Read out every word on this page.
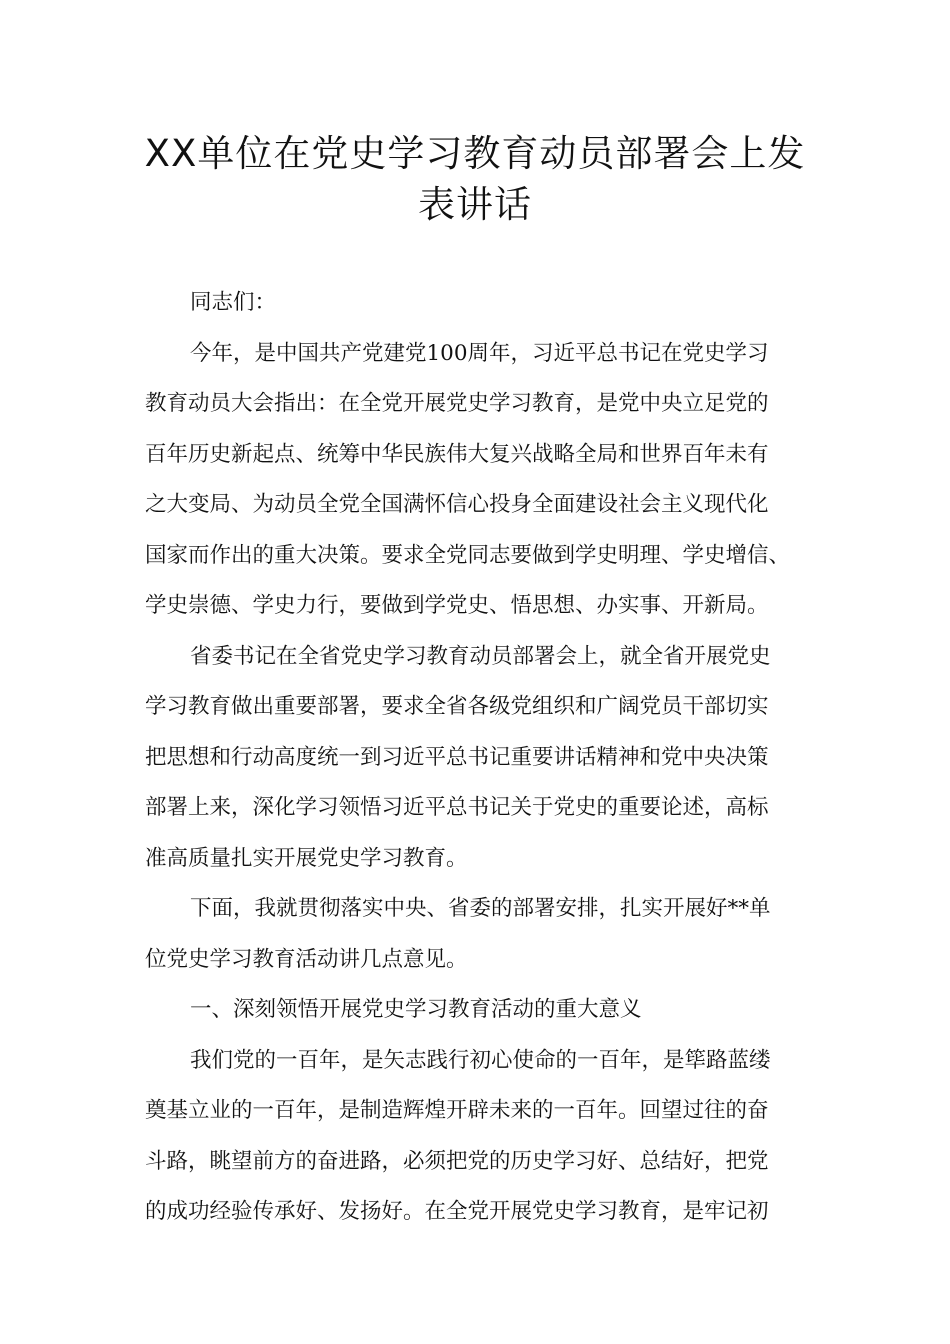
XX单位在党史学习教育动员部署会上发
表讲话

同志们：

今年，是中国共产党建党100周年，习近平总书记在党史学习
教育动员大会指出：在全党开展党史学习教育，是党中央立足党的
百年历史新起点、统筹中华民族伟大复兴战略全局和世界百年未有
之大变局、为动员全党全国满怀信心投身全面建设社会主义现代化
国家而作出的重大决策。要求全党同志要做到学史明理、学史增信、
学史崇德、学史力行，要做到学党史、悟思想、办实事、开新局。

省委书记在全省党史学习教育动员部署会上，就全省开展党史
学习教育做出重要部署，要求全省各级党组织和广阔党员干部切实
把思想和行动高度统一到习近平总书记重要讲话精神和党中央决策
部署上来，深化学习领悟习近平总书记关于党史的重要论述，高标
准高质量扎实开展党史学习教育。

下面，我就贯彻落实中央、省委的部署安排，扎实开展好**单
位党史学习教育活动讲几点意见。

一、深刻领悟开展党史学习教育活动的重大意义

我们党的一百年，是矢志践行初心使命的一百年，是筚路蓝缕
奠基立业的一百年，是制造辉煌开辟未来的一百年。回望过往的奋
斗路，眺望前方的奋进路，必须把党的历史学习好、总结好，把党
的成功经验传承好、发扬好。在全党开展党史学习教育，是牢记初
